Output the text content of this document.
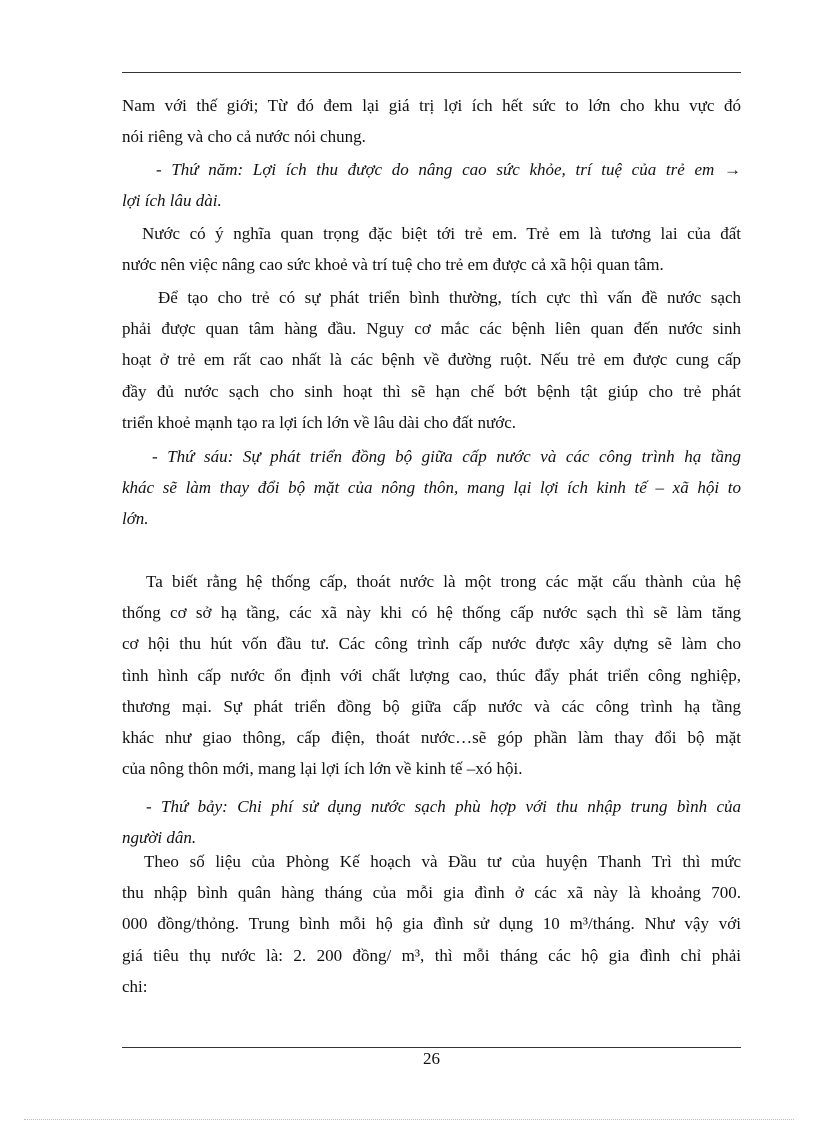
Nam với thế giới; Từ đó đem lại giá trị lợi ích hết sức to lớn cho khu vực đó
nói riêng và cho cả nước nói chung.

- Thứ năm: Lợi ích thu được do nâng cao sức khỏe, trí tuệ của trẻ em →
lợi ích lâu dài.

Nước có ý nghĩa quan trọng đặc biệt tới trẻ em. Trẻ em là tương lai của đất
nước nên việc nâng cao sức khoẻ và trí tuệ cho trẻ em được cả xã hội quan tâm.

Để tạo cho trẻ có sự phát triển bình thường, tích cực thì vấn đề nước sạch
phải được quan tâm hàng đầu. Nguy cơ mắc các bệnh liên quan đến nước sinh
hoạt ở trẻ em rất cao nhất là các bệnh về đường ruột. Nếu trẻ em được cung cấp
đầy đủ nước sạch cho sinh hoạt thì sẽ hạn chế bớt bệnh tật giúp cho trẻ phát
triển khoẻ mạnh tạo ra lợi ích lớn về lâu dài cho đất nước.

- Thứ sáu: Sự phát triển đồng bộ giữa cấp nước và các công trình hạ tầng
khác sẽ làm thay đổi bộ mặt của nông thôn, mang lại lợi ích kinh tế – xã hội to
lớn.

Ta biết rằng hệ thống cấp, thoát nước là một trong các mặt cấu thành của hệ
thống cơ sở hạ tầng, các xã này khi có hệ thống cấp nước sạch thì sẽ làm tăng
cơ hội thu hút vốn đầu tư. Các công trình cấp nước được xây dựng sẽ làm cho
tình hình cấp nước ổn định với chất lượng cao, thúc đẩy phát triển công nghiệp,
thương mại. Sự phát triển đồng bộ giữa cấp nước và các công trình hạ tầng
khác như giao thông, cấp điện, thoát nước…sẽ góp phần làm thay đổi bộ mặt
của nông thôn mới, mang lại lợi ích lớn về kinh tế –xó hội.

- Thứ bảy: Chi phí sử dụng nước sạch phù hợp với thu nhập trung bình của
người dân.

Theo số liệu của Phòng Kế hoạch và Đầu tư của huyện Thanh Trì thì mức
thu nhập bình quân hàng tháng của mỗi gia đình ở các xã này là khoảng 700.
000 đồng/thỏng. Trung bình mỗi hộ gia đình sử dụng 10 m³/tháng. Như vậy với
giá tiêu thụ nước là: 2. 200 đồng/ m³, thì mỗi tháng các hộ gia đình chỉ phải
chi:

26
